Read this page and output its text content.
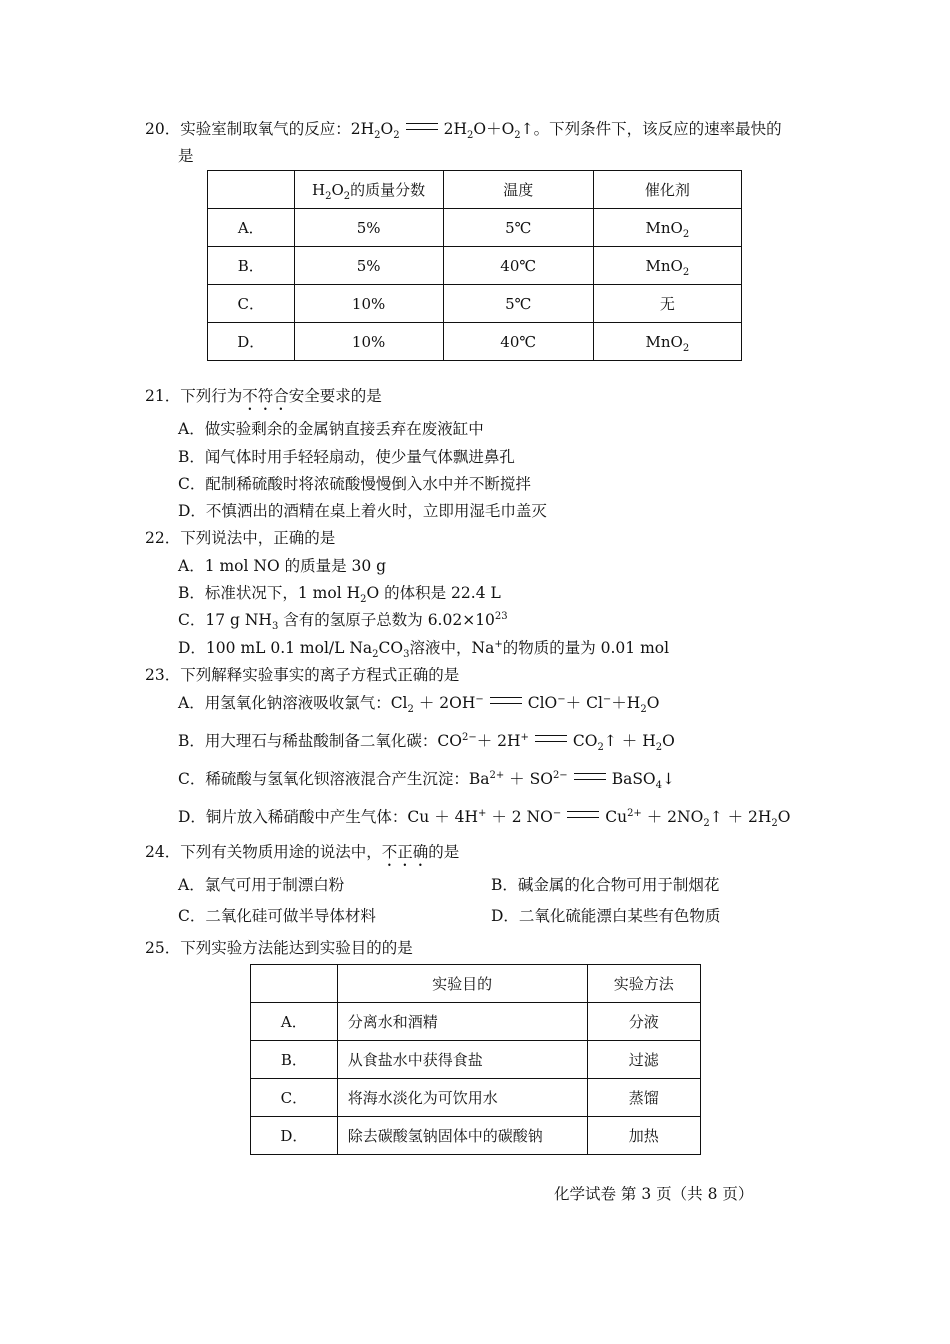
20．实验室制取氧气的反应：$2H_2O_2$	$2H_2O+O_2↑$。下列条件下，该反应的速率最快的
是
	$H_2O_2$的质量分数	温度	催化剂
A．	5%	5℃	MnO$_2$
B．	5%	40℃	MnO$_2$
C．	10%	5℃	无
D．	10%	40℃	MnO$_2$
21．下列行为不符合安全要求的是
A．做实验剩余的金属钠直接丢弃在废液缸中
B．闻气体时用手轻轻扇动，使少量气体飘进鼻孔
C．配制稀硫酸时将浓硫酸慢慢倒入水中并不断搅拌
D．不慎洒出的酒精在桌上着火时，立即用湿毛巾盖灭
22．下列说法中，正确的是
A．1 mol NO 的质量是 30 g
B．标准状况下，1 mol $H_2O$ 的体积是 22.4 L
C．17 g $NH_3$ 含有的氢原子总数为 $6.02\times 10^{23}$
D．100 mL 0.1 mol/L $Na_2CO_3$溶液中，Na+的物质的量为 0.01 mol
23．下列解释实验事实的离子方程式正确的是
A．用氢氧化钠溶液吸收氯气：$Cl_2 + 2OH^-$	$ClO^-+ Cl^-+H_2O$
B．用大理石与稀盐酸制备二氧化碳：$CO^{2-}+ 2H^+$	$CO_2↑ + H_2O$
C．稀硫酸与氢氧化钡溶液混合产生沉淀：$Ba^{2+} + SO^{2-}$	BaSO$_4$↓
D．铜片放入稀硝酸中产生气体：Cu ＋ 4H+ ＋ 2 NO−	$Cu^{2+}$ ＋ $2NO_2↑ + 2H_2O$
24．下列有关物质用途的说法中，不正确的是
A．氯气可用于制漂白粉	B．碱金属的化合物可用于制烟花
C．二氧化硅可做半导体材料	D．二氧化硫能漂白某些有色物质
25．下列实验方法能达到实验目的的是
	实验目的	实验方法
A．	分离水和酒精	分液
B．	从食盐水中获得食盐	过滤
C．	将海水淡化为可饮用水	蒸馏
D．	除去碳酸氢钠固体中的碳酸钠	加热
化学试卷 第 3 页（共 8 页）
